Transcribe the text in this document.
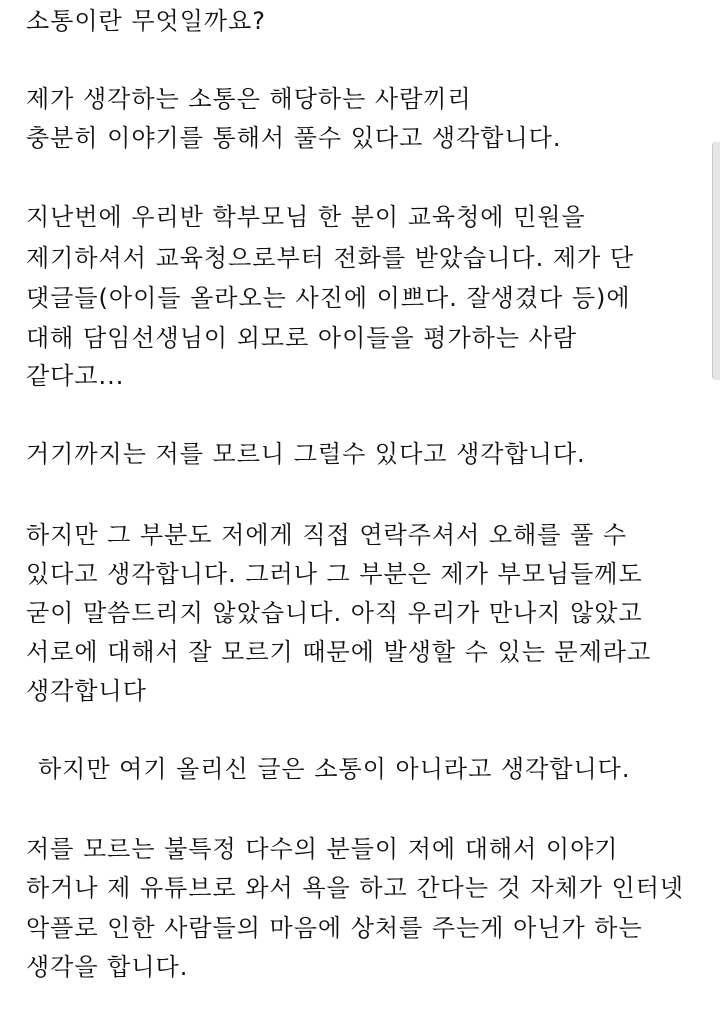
소통이란 무엇일까요?
제가 생각하는 소통은 해당하는 사람끼리
충분히 이야기를 통해서 풀수 있다고 생각합니다.
지난번에 우리반 학부모님 한 분이 교육청에 민원을
제기하셔서 교육청으로부터 전화를 받았습니다. 제가 단
댓글들(아이들 올라오는 사진에 이쁘다. 잘생겼다 등)에
대해 담임선생님이 외모로 아이들을 평가하는 사람
같다고...
거기까지는 저를 모르니 그럴수 있다고 생각합니다.
하지만 그 부분도 저에게 직접 연락주셔서 오해를 풀 수
있다고 생각합니다. 그러나 그 부분은 제가 부모님들께도
굳이 말씀드리지 않았습니다. 아직 우리가 만나지 않았고
서로에 대해서 잘 모르기 때문에 발생할 수 있는 문제라고
생각합니다
하지만 여기 올리신 글은 소통이 아니라고 생각합니다.
저를 모르는 불특정 다수의 분들이 저에 대해서 이야기
하거나 제 유튜브로 와서 욕을 하고 간다는 것 자체가 인터넷
악플로 인한 사람들의 마음에 상처를 주는게 아닌가 하는
생각을 합니다.
